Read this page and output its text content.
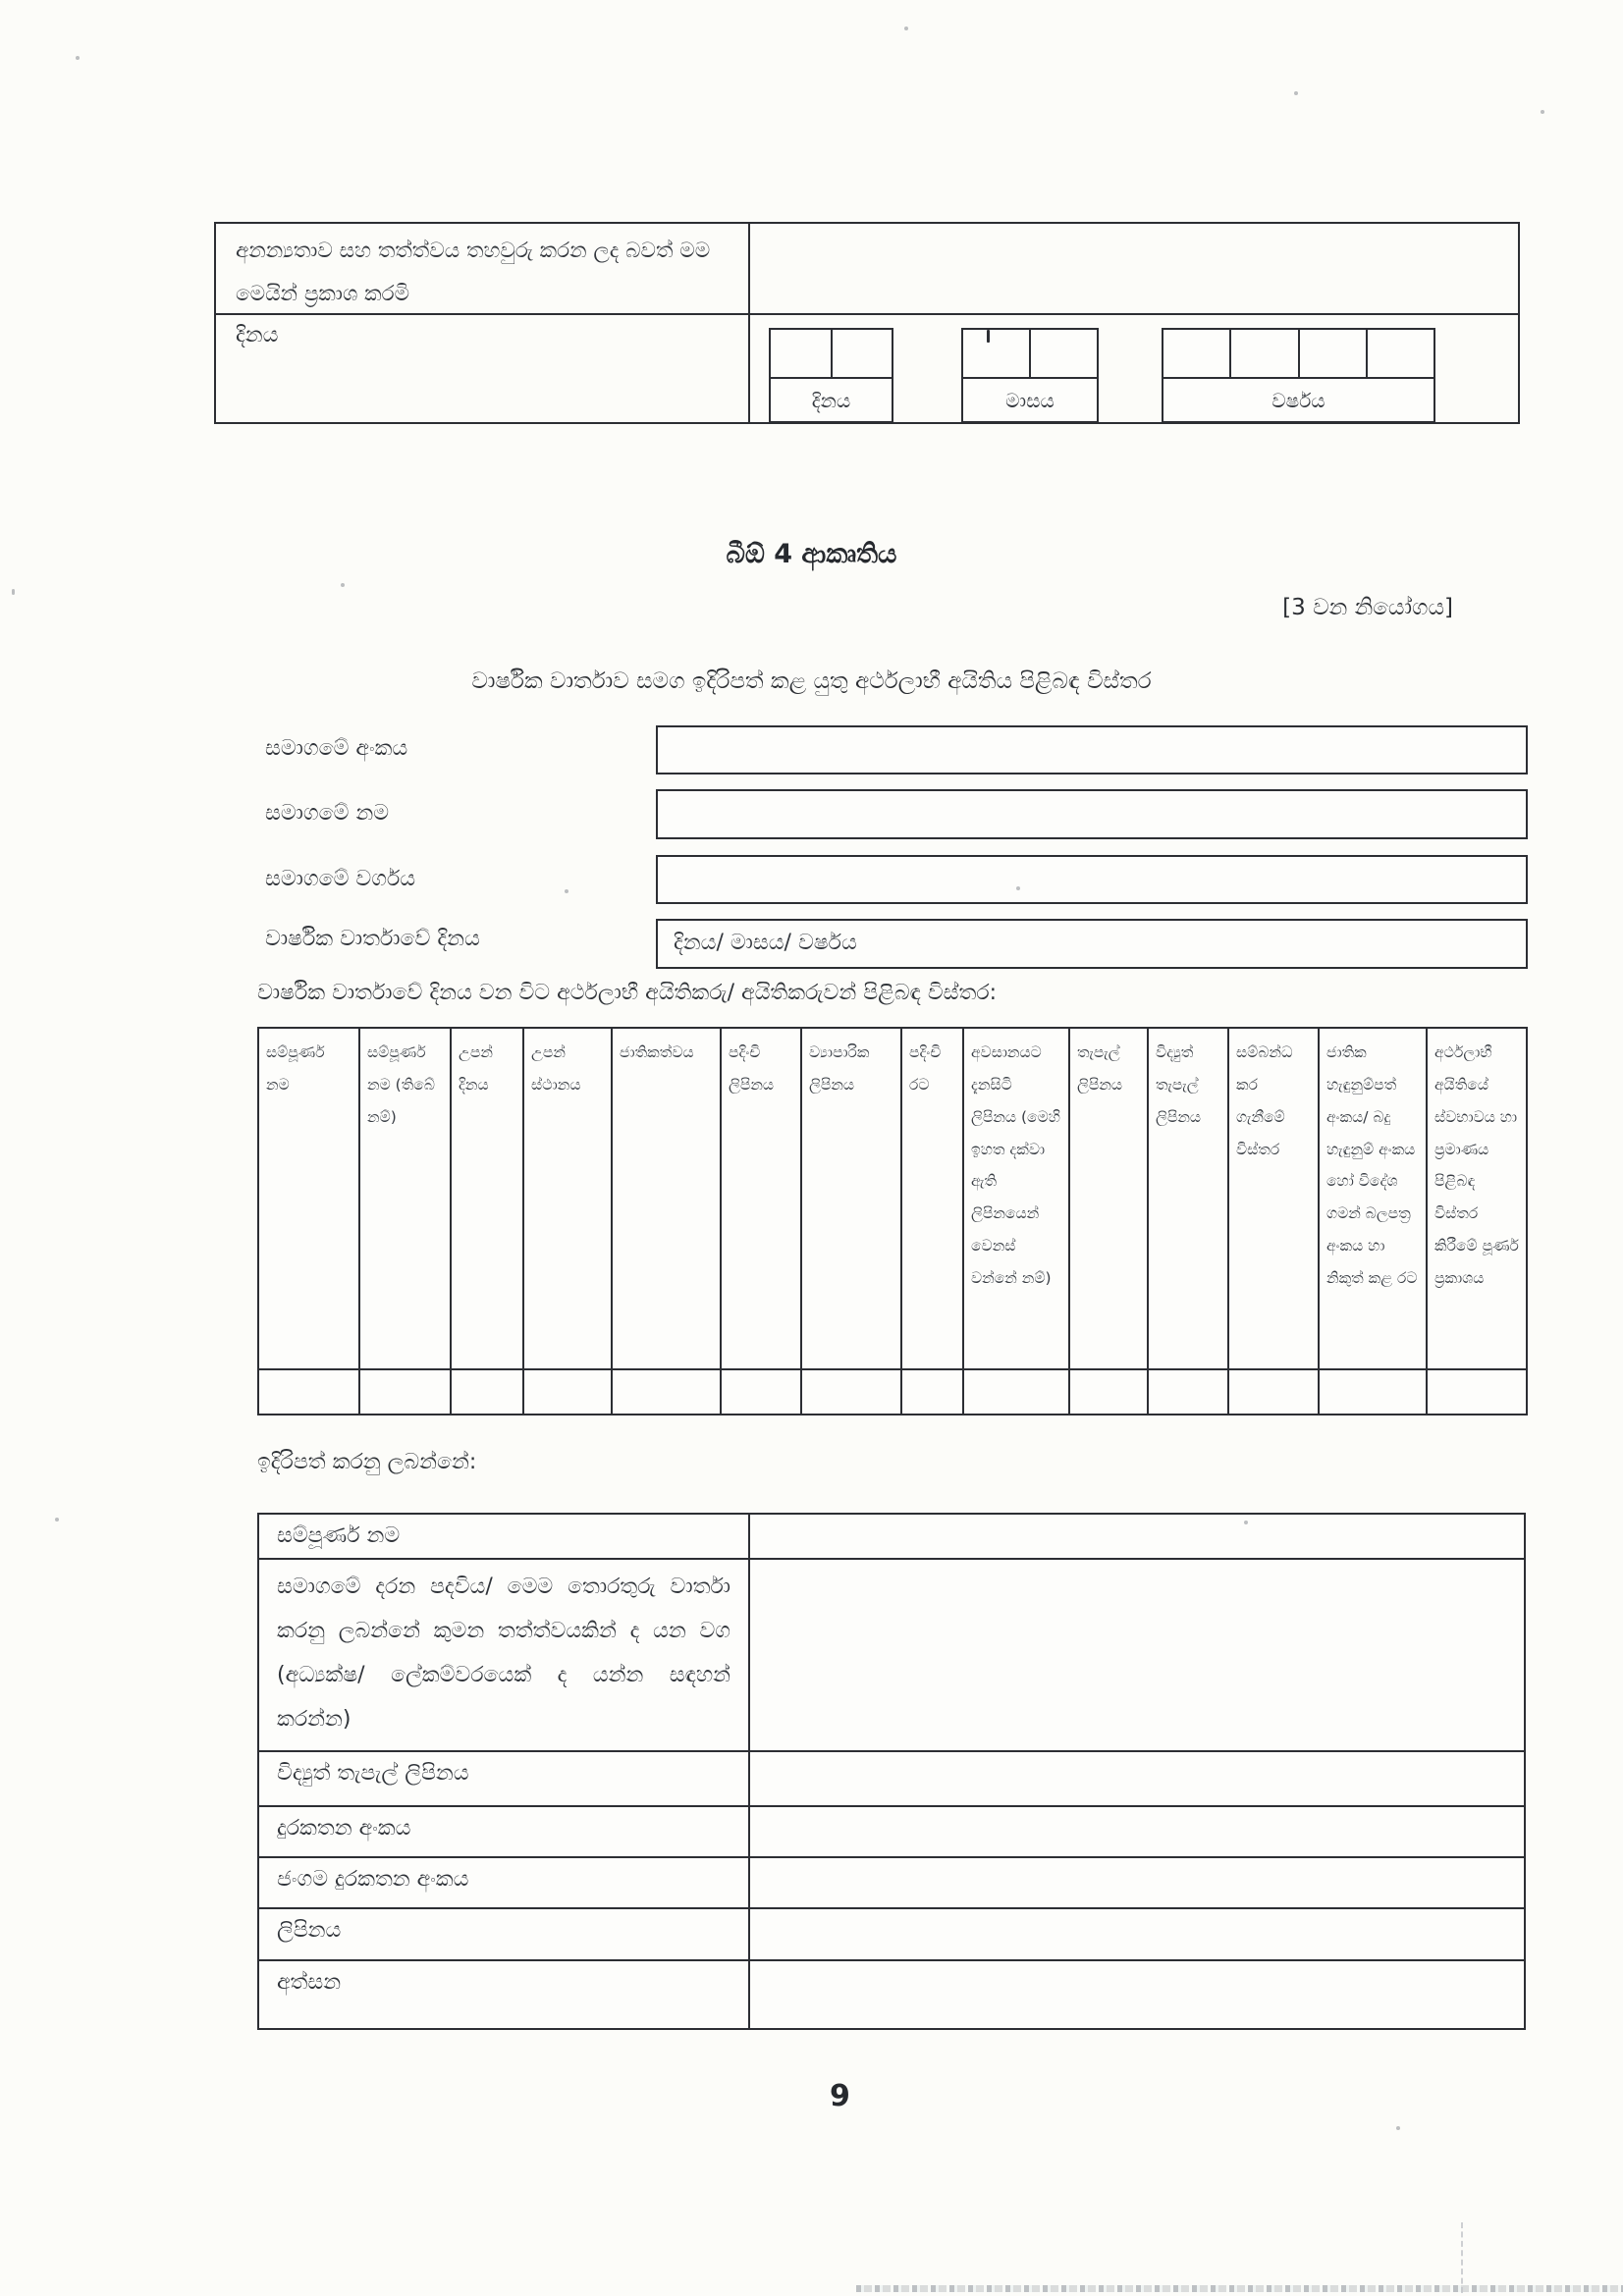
අනන්‍යතාව සහ තත්ත්වය තහවුරු කරන ලද බවත් මම මෙයින් ප්‍රකාශ කරමි
දිනය
දිනය	මාසය	වර්ෂය
බීඕ 4 ආකෘතිය
[3 වන නියෝගය]
වාර්ෂික වාර්තාව සමග ඉදිරිපත් කළ යුතු අර්ථලාභී අයිතිය පිළිබඳ විස්තර
සමාගමේ අංකය
සමාගමේ නම
සමාගමේ වර්ගය
වාර්ෂික වාර්තාවේ දිනය	දිනය/ මාසය/ වර්ෂය
වාර්ෂික වාර්තාවේ දිනය වන විට අර්ථලාභී අයිතිකරු/ අයිතිකරුවන් පිළිබඳ විස්තර:
සම්පූර්ණ නම	සම්පූර්ණ නම (තිබේ නම්)	උපන් දිනය	උපන් ස්ථානය	ජාතිකත්වය	පදිංචි ලිපිනය	ව්‍යාපාරික ලිපිනය	පදිංචි රට	අවසානයට දැනසිටි ලිපිනය (මෙහි ඉහත දක්වා ඇති ලිපිනයෙන් වෙනස් වන්නේ නම්)	තැපැල් ලිපිනය	විද්‍යුත් තැපැල් ලිපිනය	සම්බන්ධ කර ගැනීමේ විස්තර	ජාතික හැඳුනුම්පත් අංකය/ බදු හැඳුනුම් අංකය හෝ විදේශ ගමන් බලපත්‍ර අංකය හා නිකුත් කළ රට	අර්ථලාභී අයිතියේ ස්වභාවය හා ප්‍රමාණය පිළිබඳ විස්තර කිරීමේ පූර්ණ ප්‍රකාශය

ඉදිරිපත් කරනු ලබන්නේ:
සම්පූර්ණ නම	
සමාගමේ දරන පදවිය/ මෙම තොරතුරු වාර්තා කරනු ලබන්නේ කුමන තත්ත්වයකින් ද යන වග (අධ්‍යක්ෂ/ ලේකම්වරයෙක් ද යන්න සඳහන් කරන්න)	
විද්‍යුත් තැපැල් ලිපිනය	
දුරකතන අංකය	
ජංගම දුරකතන අංකය	
ලිපිනය	
අත්සන	
9
